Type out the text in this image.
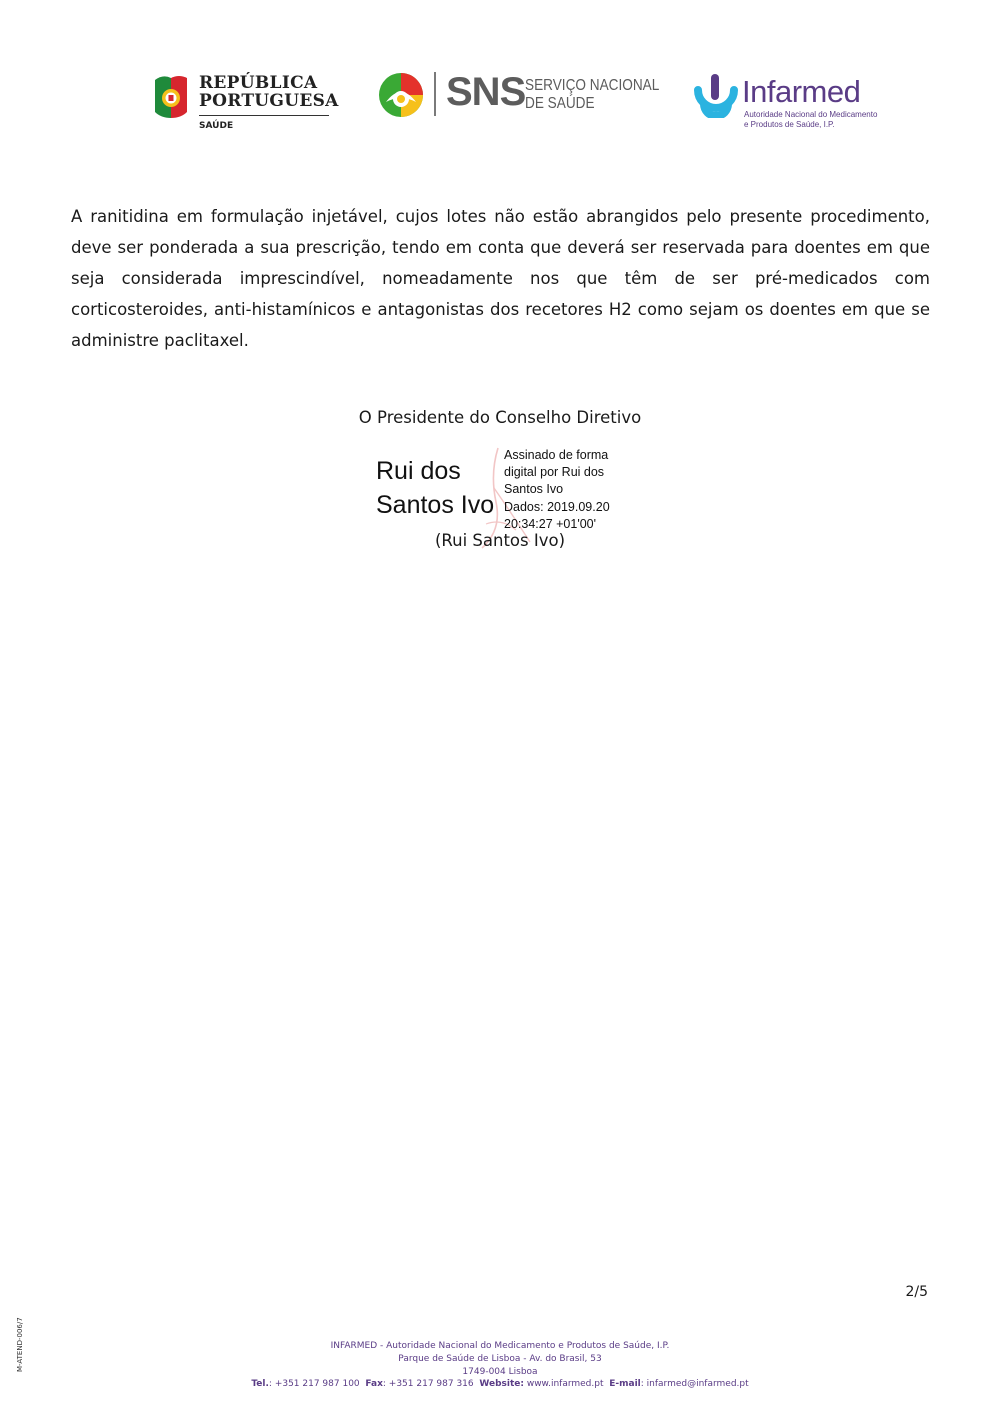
REPÚBLICA
PORTUGUESA
SAÚDE
SNS SERVIÇO NACIONAL
DE SAÚDE	Infarmed
Autoridade Nacional do Medicamento
e Produtos de Saúde, I.P.

A ranitidina em formulação injetável, cujos lotes não estão abrangidos pelo presente procedimento, deve ser ponderada a sua prescrição, tendo em conta que deverá ser reservada para doentes em que seja considerada imprescindível, nomeadamente nos que têm de ser pré-medicados com corticosteroides, anti-histamínicos e antagonistas dos recetores H2 como sejam os doentes em que se administre paclitaxel.

O Presidente do Conselho Diretivo
Rui dos
Santos Ivo
Assinado de forma
digital por Rui dos
Santos Ivo
Dados: 2019.09.20
20:34:27 +01'00'
(Rui Santos Ivo)
2/5
M-ATEND-006/7	INFARMED - Autoridade Nacional do Medicamento e Produtos de Saúde, I.P.
Parque de Saúde de Lisboa - Av. do Brasil, 53
1749-004 Lisboa
Tel.: +351 217 987 100 Fax: +351 217 987 316 Website: www.infarmed.pt E-mail: infarmed@infarmed.pt
